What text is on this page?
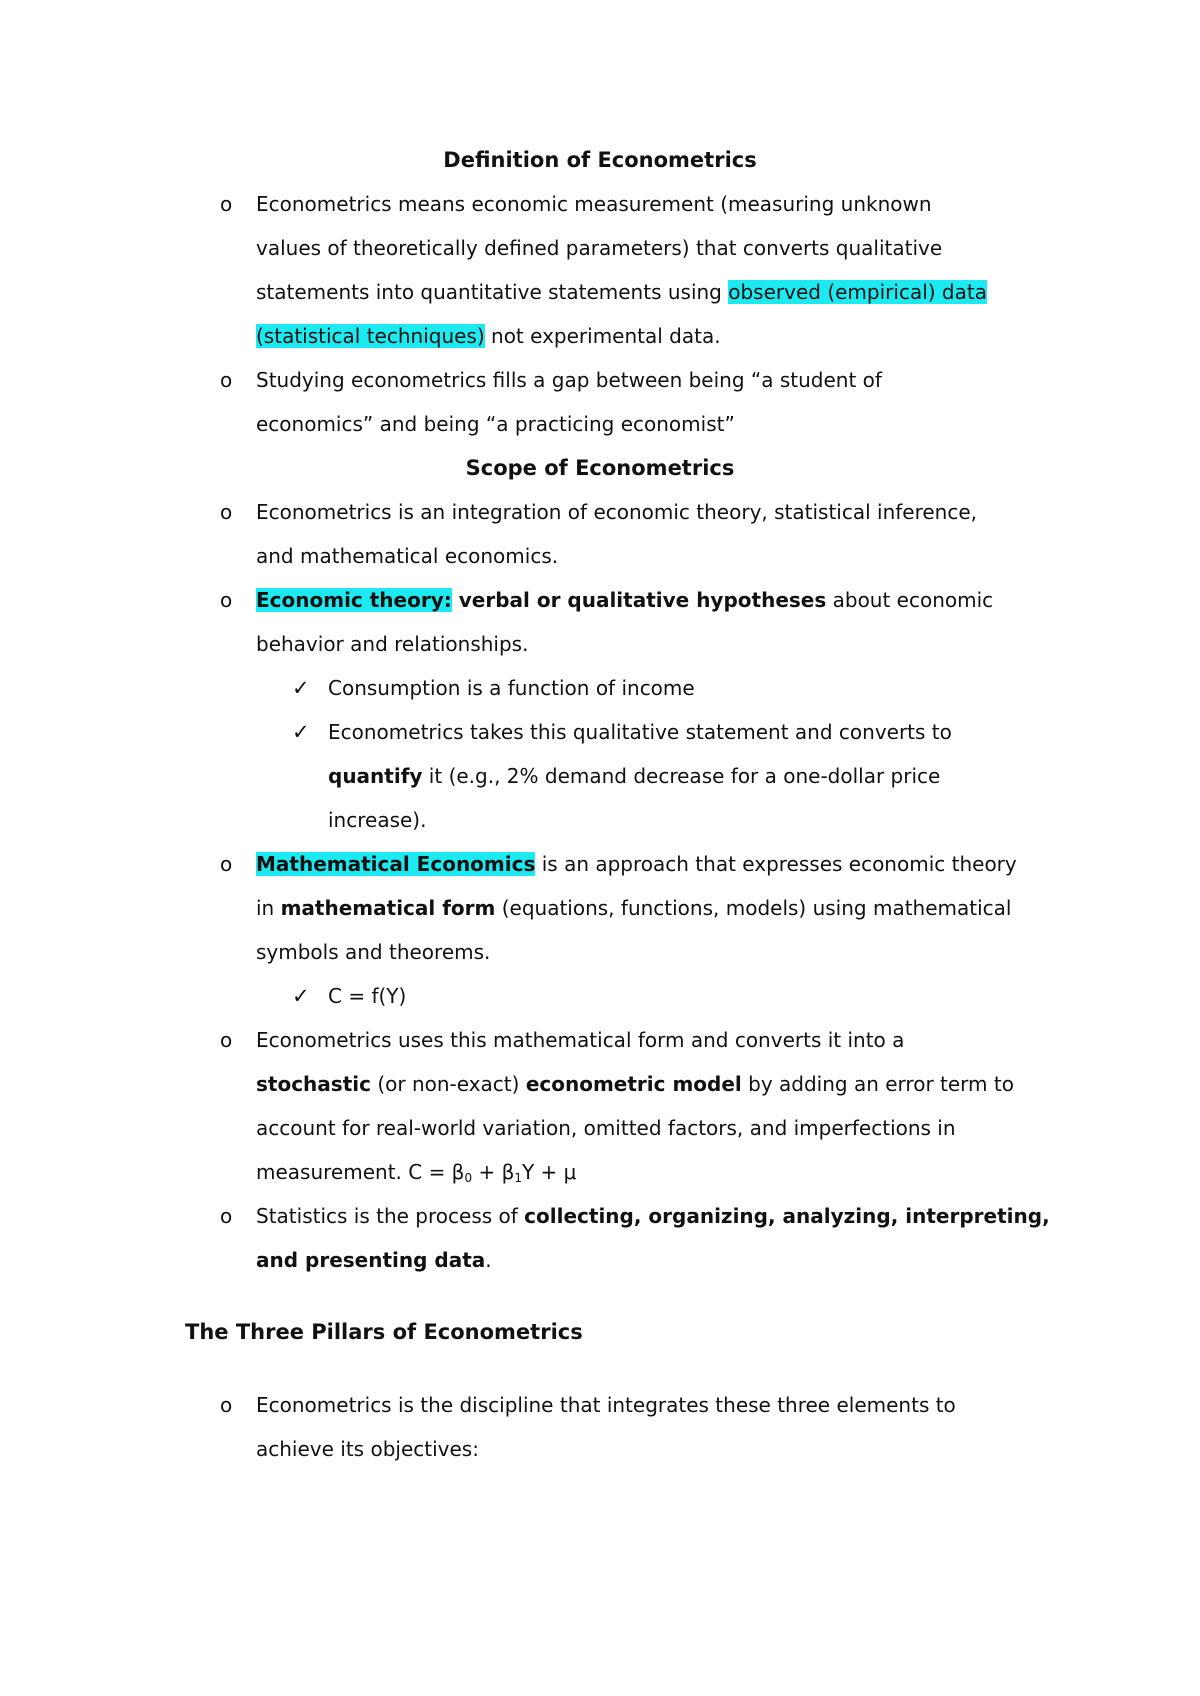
Definition of Econometrics
o Econometrics means economic measurement (measuring unknown
values of theoretically defined parameters) that converts qualitative
statements into quantitative statements using observed (empirical) data
(statistical techniques) not experimental data.
o Studying econometrics fills a gap between being “a student of
economics” and being “a practicing economist”
Scope of Econometrics
o Econometrics is an integration of economic theory, statistical inference,
and mathematical economics.
o Economic theory: verbal or qualitative hypotheses about economic
behavior and relationships.
✓ Consumption is a function of income
✓ Econometrics takes this qualitative statement and converts to
quantify it (e.g., 2% demand decrease for a one-dollar price
increase).
o Mathematical Economics is an approach that expresses economic theory
in mathematical form (equations, functions, models) using mathematical
symbols and theorems.
✓ C = f(Y)
o Econometrics uses this mathematical form and converts it into a
stochastic (or non-exact) econometric model by adding an error term to
account for real-world variation, omitted factors, and imperfections in
measurement. $C = \beta_0 + \beta_1Y + \mu$
o Statistics is the process of collecting, organizing, analyzing, interpreting,
and presenting data.
The Three Pillars of Econometrics
o Econometrics is the discipline that integrates these three elements to
achieve its objectives:
